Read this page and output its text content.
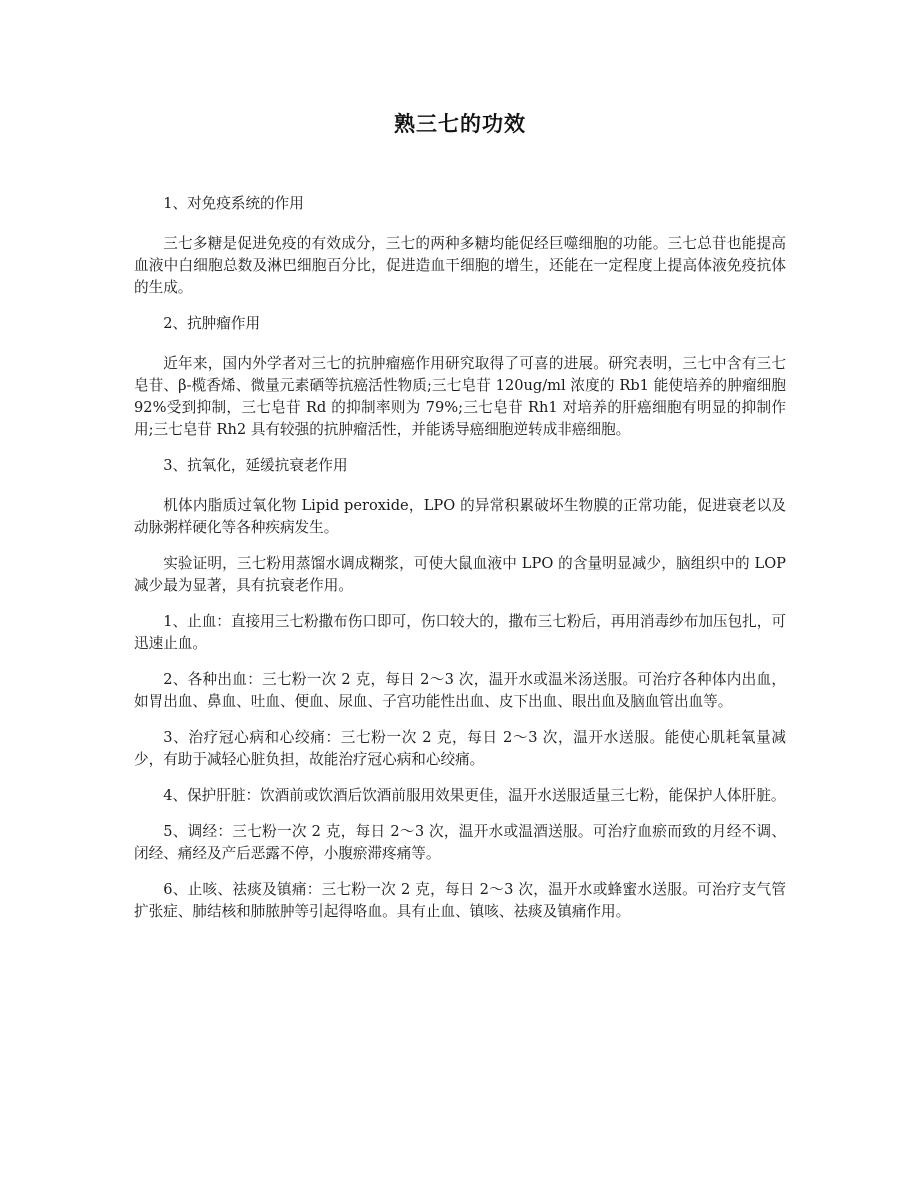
熟三七的功效

1、对免疫系统的作用

三七多糖是促进免疫的有效成分，三七的两种多糖均能促经巨噬细胞的功能。三七总苷也能提高血液中白细胞总数及淋巴细胞百分比，促进造血干细胞的增生，还能在一定程度上提高体液免疫抗体的生成。

2、抗肿瘤作用

近年来，国内外学者对三七的抗肿瘤癌作用研究取得了可喜的进展。研究表明，三七中含有三七皂苷、β-榄香烯、微量元素硒等抗癌活性物质;三七皂苷 120ug/ml 浓度的 Rb1 能使培养的肿瘤细胞 92%受到抑制，三七皂苷 Rd 的抑制率则为 79%;三七皂苷 Rh1 对培养的肝癌细胞有明显的抑制作用;三七皂苷 Rh2 具有较强的抗肿瘤活性，并能诱导癌细胞逆转成非癌细胞。

3、抗氧化，延缓抗衰老作用

机体内脂质过氧化物 Lipid peroxide，LPO 的异常积累破坏生物膜的正常功能，促进衰老以及动脉粥样硬化等各种疾病发生。

实验证明，三七粉用蒸馏水调成糊浆，可使大鼠血液中 LPO 的含量明显减少，脑组织中的 LOP 减少最为显著，具有抗衰老作用。

1、止血：直接用三七粉撒布伤口即可，伤口较大的，撒布三七粉后，再用消毒纱布加压包扎，可迅速止血。

2、各种出血：三七粉一次 2 克，每日 2～3 次，温开水或温米汤送服。可治疗各种体内出血，如胃出血、鼻血、吐血、便血、尿血、子宫功能性出血、皮下出血、眼出血及脑血管出血等。

3、治疗冠心病和心绞痛：三七粉一次 2 克，每日 2～3 次，温开水送服。能使心肌耗氧量减少，有助于减轻心脏负担，故能治疗冠心病和心绞痛。

4、保护肝脏：饮酒前或饮酒后饮酒前服用效果更佳，温开水送服适量三七粉，能保护人体肝脏。

5、调经：三七粉一次 2 克，每日 2～3 次，温开水或温酒送服。可治疗血瘀而致的月经不调、闭经、痛经及产后恶露不停，小腹瘀滞疼痛等。

6、止咳、祛痰及镇痛：三七粉一次 2 克，每日 2～3 次，温开水或蜂蜜水送服。可治疗支气管扩张症、肺结核和肺脓肿等引起得咯血。具有止血、镇咳、祛痰及镇痛作用。
